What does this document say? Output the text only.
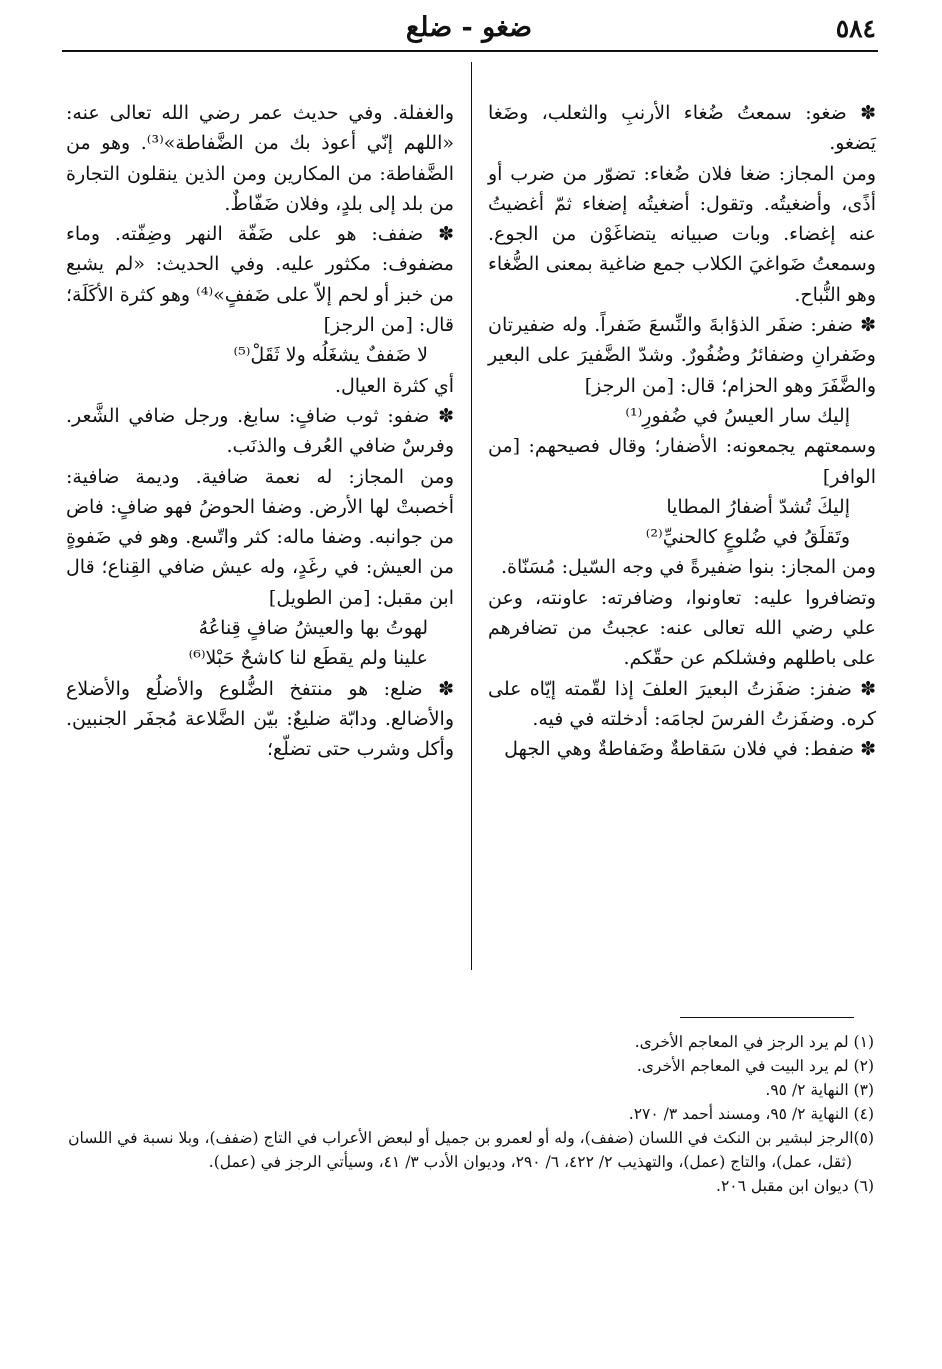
٥٨٤
ضغو - ضلع

✽ ضغو: سمعتُ ضُغاء الأرنبِ والثعلب، وضَغا يَضغو.

ومن المجاز: ضغا فلان ضُغاء: تضوّر من ضرب أو أذًى، وأضغيتُه. وتقول: أضغيتُه إضغاء ثمّ أغضيتُ عنه إغضاء. وبات صبيانه يتضاغَوْن من الجوع. وسمعتُ ضَواغيَ الكلاب جمع ضاغية بمعنى الضُّغاء وهو النُّباح.

✽ ضفر: ضفَر الذؤابةَ والنِّسعَ ضَفراً. وله ضفيرتان وضَفرانِ وضفائرُ وضُفُورٌ. وشدّ الضَّفيرَ على البعير والضَّفَرَ وهو الحزام؛ قال: [من الرجز]

إليك سار العيسُ في ضُفورِ⁽¹⁾

وسمعتهم يجمعونه: الأضفار؛ وقال فصيحهم: [من الوافر]

إليكَ تُشدّ أضفارُ المطايا

وتَقلَقُ في ضُلوعٍ كالحنيِّ⁽²⁾

ومن المجاز: بنوا ضفيرةً في وجه السّيل: مُسَنّاة.

وتضافروا عليه: تعاونوا، وضافرته: عاونته، وعن علي رضي الله تعالى عنه: عجبتُ من تضافرهم على باطلهم وفشلكم عن حقّكم.

✽ ضفز: ضفَزتُ البعيرَ العلفَ إذا لقّمته إيّاه على كره. وضفَزتُ الفرسَ لجامَه: أدخلته في فيه.

✽ ضفط: في فلان سَقاطةٌ وضَفاطةٌ وهي الجهل

والغفلة. وفي حديث عمر رضي الله تعالى عنه: «اللهم إنّي أعوذ بك من الضَّفاطة»⁽³⁾. وهو من الضَّفاطة: من المكارين ومن الذين ينقلون التجارة من بلد إلى بلدٍ، وفلان ضَفّاطٌ.

✽ ضفف: هو على ضَفّة النهر وضِفّته. وماء مضفوف: مكثور عليه. وفي الحديث: «لم يشبع من خبز أو لحم إلاّ على ضَففٍ»⁽⁴⁾ وهو كثرة الأكَلَة؛ قال: [من الرجز]

لا ضَففٌ يشغَلُه ولا ثَقَلْ⁽⁵⁾

أي كثرة العيال.

✽ ضفو: ثوب ضافٍ: سابغ. ورجل ضافي الشَّعر. وفرسٌ ضافي العُرف والذنَب.

ومن المجاز: له نعمة ضافية. وديمة ضافية: أخصبتْ لها الأرض. وضفا الحوضُ فهو ضافٍ: فاض من جوانبه. وضفا ماله: كثر واتّسع. وهو في ضَفوةٍ من العيش: في رغَدٍ، وله عيش ضافي القِناع؛ قال ابن مقبل: [من الطويل]

لهوتُ بها والعيشُ ضافٍ قِناعُهُ

علينا ولم يقطَع لنا كاشحٌ حَبْلا⁽⁶⁾

✽ ضلع: هو منتفخ الضُّلوع والأضلُع والأضلاع والأضالع. ودابّة ضليعٌ: بيّن الضَّلاعة مُجفَر الجنبين. وأكل وشرب حتى تضلّع؛

(١) لم يرد الرجز في المعاجم الأخرى.
(٢) لم يرد البيت في المعاجم الأخرى.
(٣) النهاية ٢/ ٩٥.
(٤) النهاية ٢/ ٩٥، ومسند أحمد ٣/ ٢٧٠.
(٥)الرجز لبشير بن النكث في اللسان (ضفف)، وله أو لعمرو بن جميل أو لبعض الأعراب في التاج (ضفف)، وبلا نسبة في اللسان (ثقل، عمل)، والتاج (عمل)، والتهذيب ٢/ ٤٢٢، ٦/ ٢٩٠، وديوان الأدب ٣/ ٤١، وسيأتي الرجز في (عمل).
(٦) ديوان ابن مقبل ٢٠٦.
